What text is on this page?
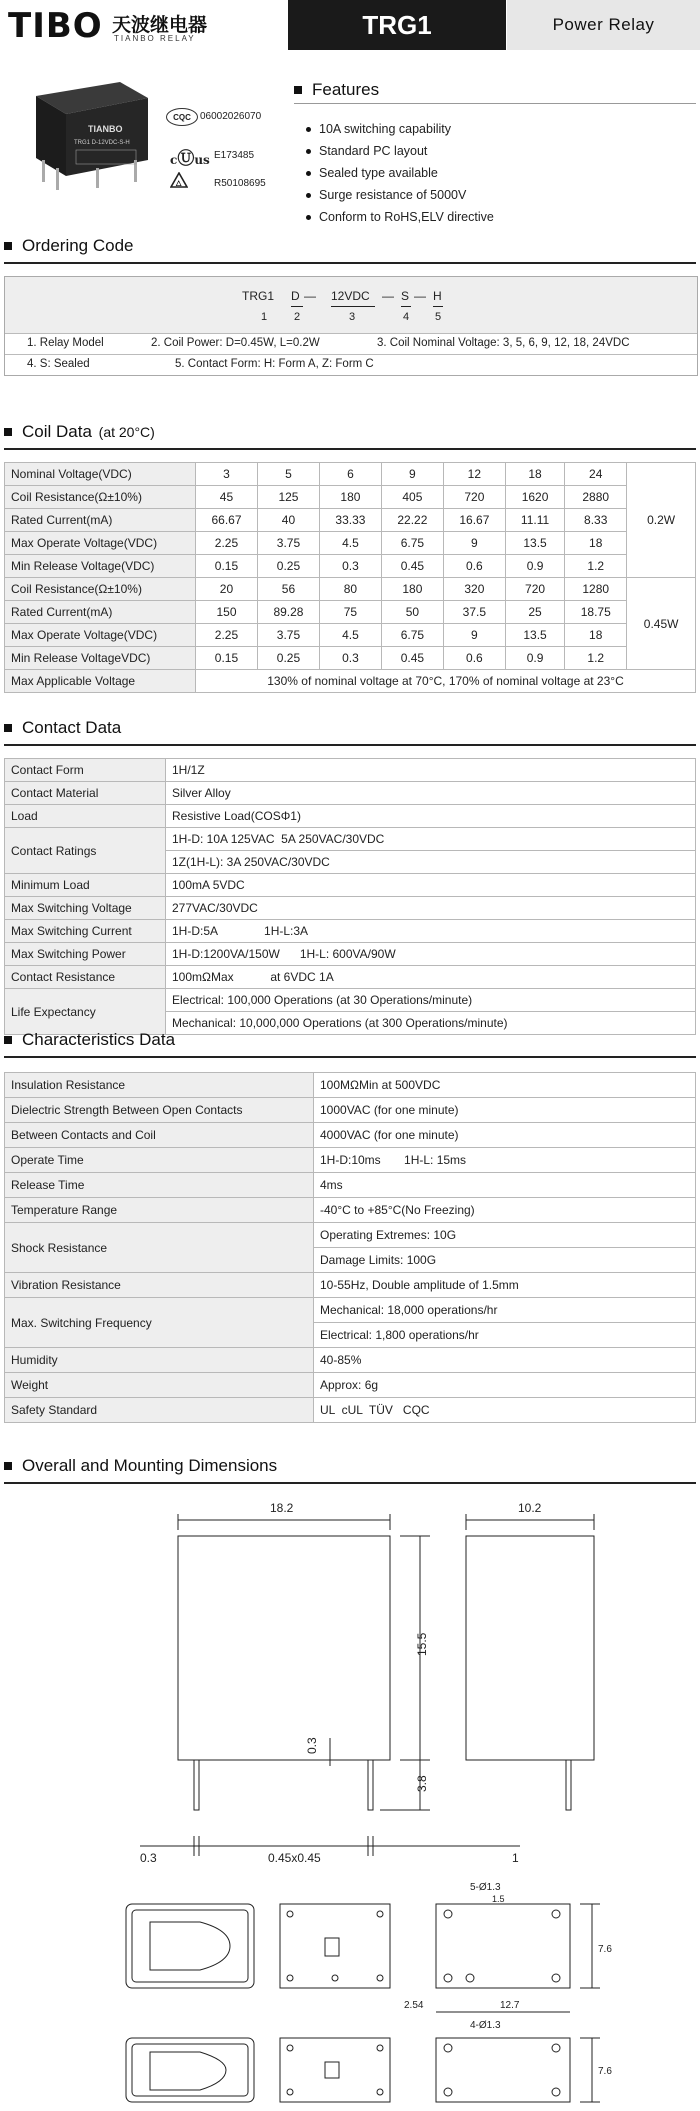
TIBO 天波继电器
TIANBO RELAY	TRG1	Power Relay
TIANBO
TRG1 D-12VDC-S-H
CQC 06002026070
cⓊus E173485
△	R50108695
Features
10A switching capability
Standard PC layout
Sealed type available
Surge resistance of 5000V
Conform to RoHS,ELV directive
Ordering Code
TRG1 D — 12VDC — S — H
1 2	3	4 5
1. Relay Model	2. Coil Power: D=0.45W, L=0.2W	3. Coil Nominal Voltage: 3, 5, 6, 9, 12, 18, 24VDC
4. S: Sealed	5. Contact Form: H: Form A, Z: Form C
Coil Data
(at 20°C)
Nominal Voltage(VDC)	3	5	6	9	12	18	24	0.2W
Coil Resistance(Ω±10%)	45	125	180	405	720	1620	2880	
Rated Current(mA)	66.67	40	33.33	22.22	16.67	11.11	8.33	
Max Operate Voltage(VDC)	2.25	3.75	4.5	6.75	9	13.5	18	
Min Release Voltage(VDC)	0.15	0.25	0.3	0.45	0.6	0.9	1.2	
Coil Resistance(Ω±10%)	20	56	80	180	320	720	1280	0.45W
Rated Current(mA)	150	89.28	75	50	37.5	25	18.75	
Max Operate Voltage(VDC)	2.25	3.75	4.5	6.75	9	13.5	18	
Min Release VoltageVDC)	0.15	0.25	0.3	0.45	0.6	0.9	1.2	
Max Applicable Voltage	130% of nominal voltage at 70°C, 170% of nominal voltage at 23°C							
Contact Data
Contact Form	1H/1Z
Contact Material	Silver Alloy
Load	Resistive Load(COSΦ1)
Contact Ratings	1H-D: 10A 125VAC  5A 250VAC/30VDC
	1Z(1H-L): 3A 250VAC/30VDC
Minimum Load	100mA 5VDC
Max Switching Voltage	277VAC/30VDC
Max Switching Current	1H-D:5A              1H-L:3A
Max Switching Power	1H-D:1200VA/150W      1H-L: 600VA/90W
Contact Resistance	100mΩMax           at 6VDC 1A
Life Expectancy	Electrical: 100,000 Operations (at 30 Operations/minute)
	Mechanical: 10,000,000 Operations (at 300 Operations/minute)
Characteristics Data
Insulation Resistance	100MΩMin at 500VDC
Dielectric Strength Between Open Contacts	1000VAC (for one minute)
Between Contacts and Coil	4000VAC (for one minute)
Operate Time	1H-D:10ms       1H-L: 15ms
Release Time	4ms
Temperature Range	-40°C to +85°C(No Freezing)
Shock Resistance	Operating Extremes: 10G
	Damage Limits: 100G
Vibration Resistance	10-55Hz, Double amplitude of 1.5mm
Max. Switching Frequency	Mechanical: 18,000 operations/hr
	Electrical: 1,800 operations/hr
Humidity	40-85%
Weight	Approx: 6g
Safety Standard	UL  cUL  TÜV   CQC
Overall and Mounting Dimensions
18.2	10.2
15.5
3.8
0.3
0.3	0.45x0.45	1
5-Ø1.3
1.5
7.6
2.54	12.7
4-Ø1.3
7.6
